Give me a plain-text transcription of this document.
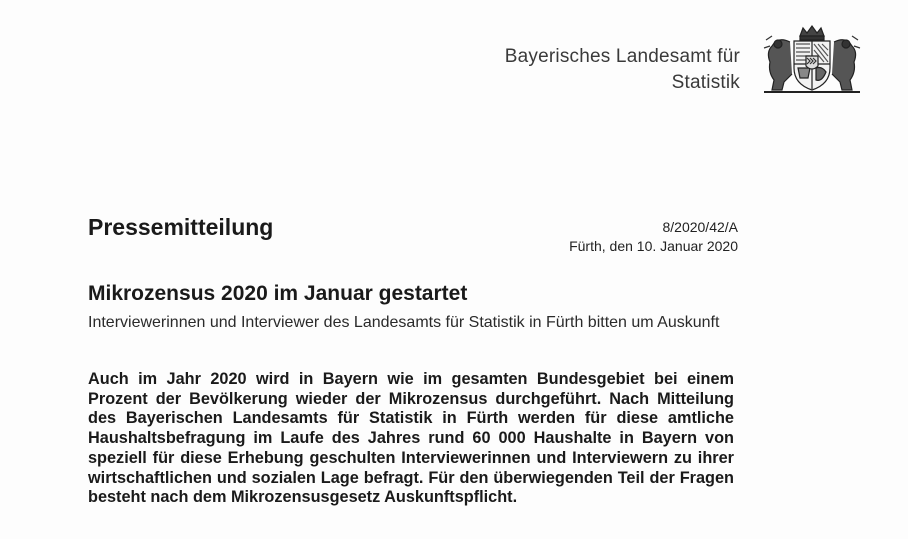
Bayerisches Landesamt für
Statistik
Pressemitteilung	8/2020/42/A
Fürth, den 10. Januar 2020
Mikrozensus 2020 im Januar gestartet
Interviewerinnen und Interviewer des Landesamts für Statistik in Fürth bitten um Auskunft
Auch im Jahr 2020 wird in Bayern wie im gesamten Bundesgebiet bei einem Prozent der Bevölkerung wieder der Mikrozensus durchgeführt. Nach Mitteilung des Bayerischen Landesamts für Statistik in Fürth werden für diese amtliche Haushaltsbefragung im Laufe des Jahres rund 60 000 Haushalte in Bayern von speziell für diese Erhebung geschulten Interviewerinnen und Interviewern zu ihrer wirtschaftlichen und sozialen Lage befragt. Für den überwiegenden Teil der Fragen besteht nach dem Mikrozensusgesetz Auskunftspflicht.
